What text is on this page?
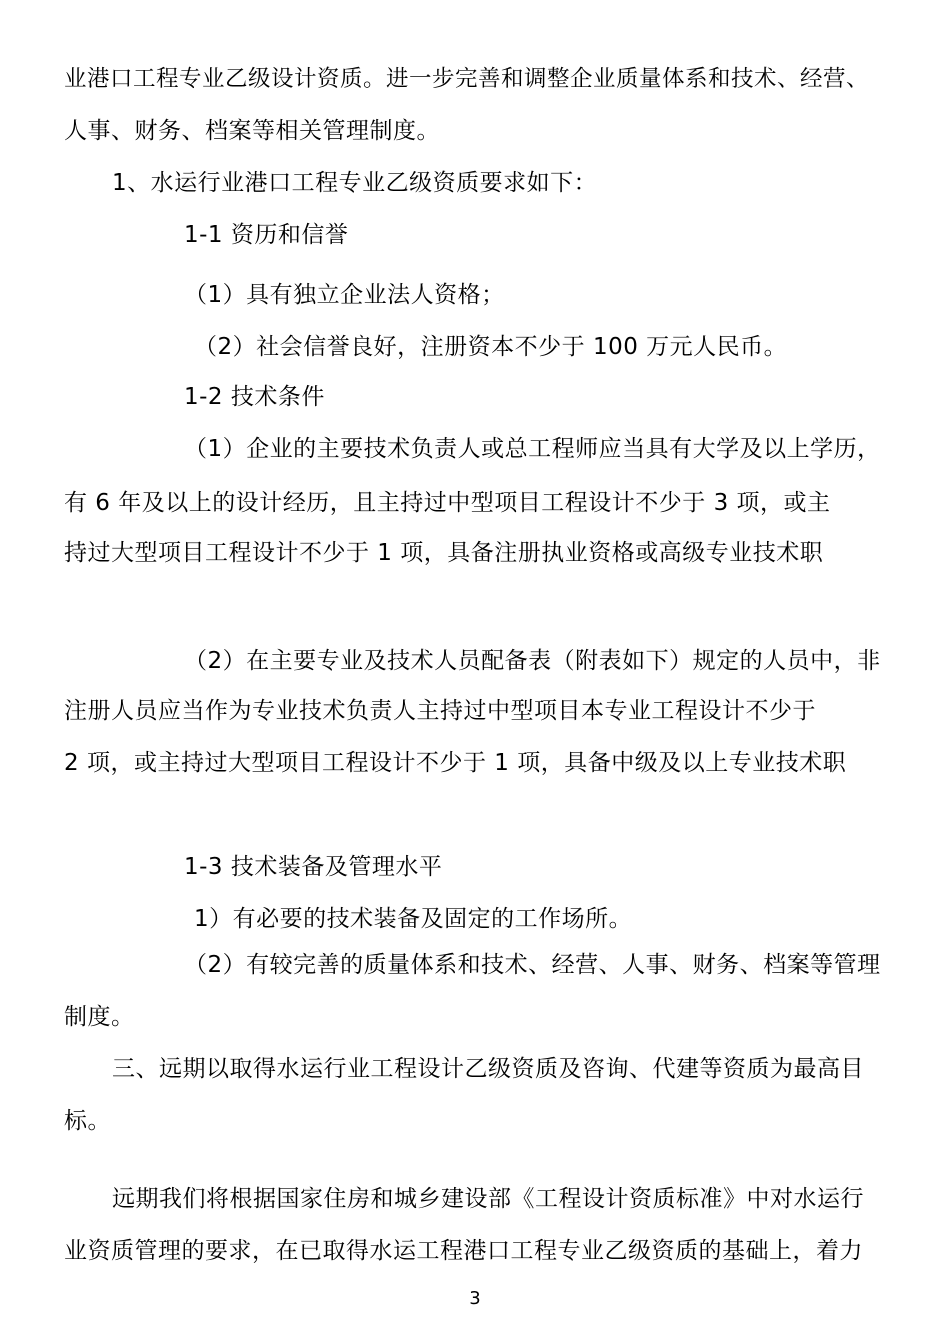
业港口工程专业乙级设计资质。进一步完善和调整企业质量体系和技术、经营、
人事、财务、档案等相关管理制度。
1、水运行业港口工程专业乙级资质要求如下：
1-1 资历和信誉
（1）具有独立企业法人资格；
（2）社会信誉良好，注册资本不少于 100 万元人民币。
1-2 技术条件
（1）企业的主要技术负责人或总工程师应当具有大学及以上学历，
有 6 年及以上的设计经历，且主持过中型项目工程设计不少于 3 项，或主
持过大型项目工程设计不少于 1 项，具备注册执业资格或高级专业技术职
（2）在主要专业及技术人员配备表（附表如下）规定的人员中，非
注册人员应当作为专业技术负责人主持过中型项目本专业工程设计不少于
2 项，或主持过大型项目工程设计不少于 1 项，具备中级及以上专业技术职
1-3 技术装备及管理水平
1）有必要的技术装备及固定的工作场所。
（2）有较完善的质量体系和技术、经营、人事、财务、档案等管理
制度。
三、远期以取得水运行业工程设计乙级资质及咨询、代建等资质为最高目
标。
远期我们将根据国家住房和城乡建设部《工程设计资质标准》中对水运行
业资质管理的要求，在已取得水运工程港口工程专业乙级资质的基础上，着力
3
